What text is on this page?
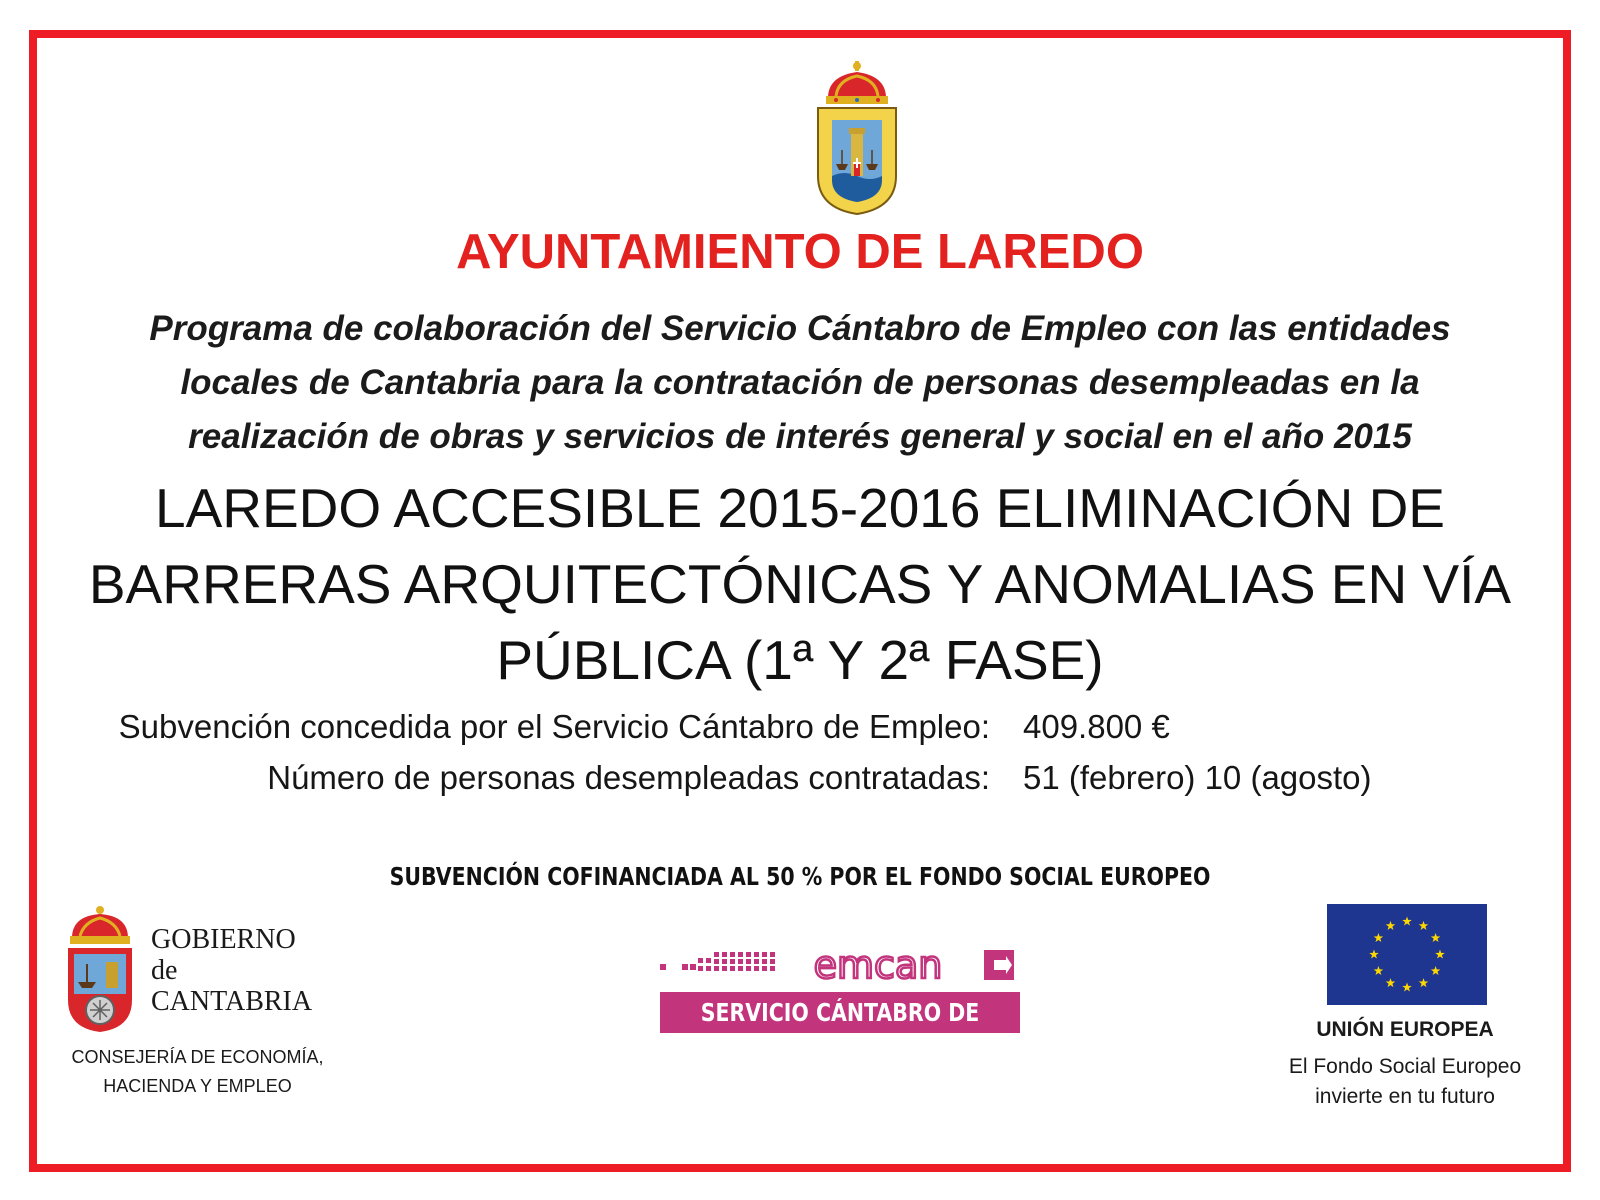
AYUNTAMIENTO DE LAREDO
Programa de colaboración del Servicio Cántabro de Empleo con las entidades
locales de Cantabria para la contratación de personas desempleadas en la
realización de obras y servicios de interés general y social en el año 2015
LAREDO ACCESIBLE 2015-2016 ELIMINACIÓN DE
BARRERAS ARQUITECTÓNICAS Y ANOMALIAS EN VÍA
PÚBLICA (1ª Y 2ª FASE)
Subvención concedida por el Servicio Cántabro de Empleo: 409.800 €
Número de personas desempleadas contratadas: 51 (febrero) 10 (agosto)
SUBVENCIÓN COFINANCIADA AL 50 % POR EL FONDO SOCIAL EUROPEO
GOBIERNO
de
CANTABRIA
CONSEJERÍA DE ECONOMÍA,
HACIENDA Y EMPLEO
emcan
SERVICIO CÁNTABRO DE EMPLEO
UNIÓN EUROPEA
El Fondo Social Europeo
invierte en tu futuro
